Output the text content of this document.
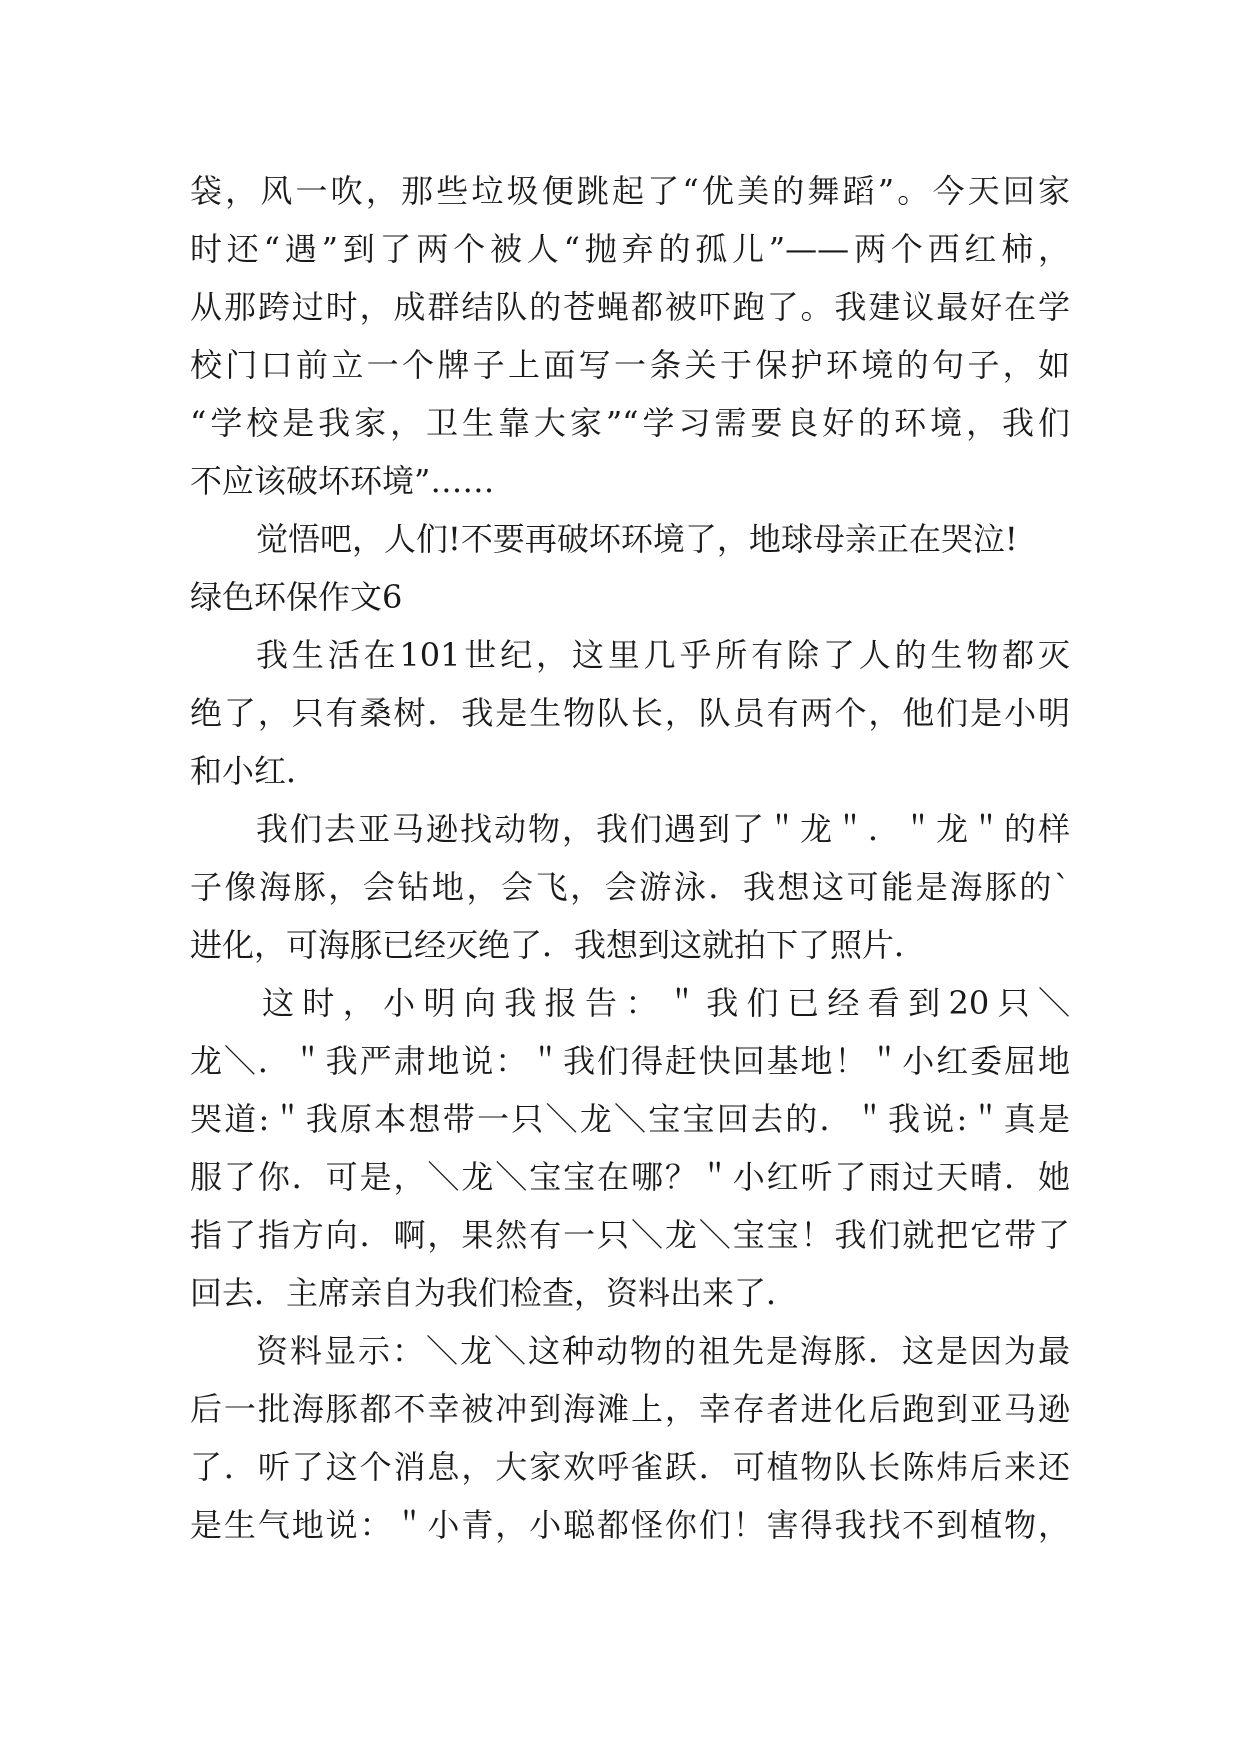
袋，风一吹，那些垃圾便跳起了“优美的舞蹈”。今天回家
时还“遇”到了两个被人“抛弃的孤儿”——两个西红柿，
从那跨过时，成群结队的苍蝇都被吓跑了。我建议最好在学
校门口前立一个牌子上面写一条关于保护环境的句子，如
“学校是我家，卫生靠大家”“学习需要良好的环境，我们
不应该破坏环境”……
觉悟吧，人们!不要再破坏环境了，地球母亲正在哭泣!
绿色环保作文6
我生活在101世纪，这里几乎所有除了人的生物都灭
绝了，只有桑树．我是生物队长，队员有两个，他们是小明
和小红．
我们去亚马逊找动物，我们遇到了＂龙＂．＂龙＂的样
子像海豚，会钻地，会飞，会游泳．我想这可能是海豚的`
进化，可海豚已经灭绝了．我想到这就拍下了照片．
这时，小明向我报告：＂我们已经看到20只＼
龙＼．＂我严肃地说：＂我们得赶快回基地！＂小红委屈地
哭道:＂我原本想带一只＼龙＼宝宝回去的．＂我说:＂真是
服了你．可是，＼龙＼宝宝在哪？＂小红听了雨过天晴．她
指了指方向．啊，果然有一只＼龙＼宝宝！我们就把它带了
回去．主席亲自为我们检查，资料出来了．
资料显示：＼龙＼这种动物的祖先是海豚．这是因为最
后一批海豚都不幸被冲到海滩上，幸存者进化后跑到亚马逊
了．听了这个消息，大家欢呼雀跃．可植物队长陈炜后来还
是生气地说：＂小青，小聪都怪你们！害得我找不到植物，
